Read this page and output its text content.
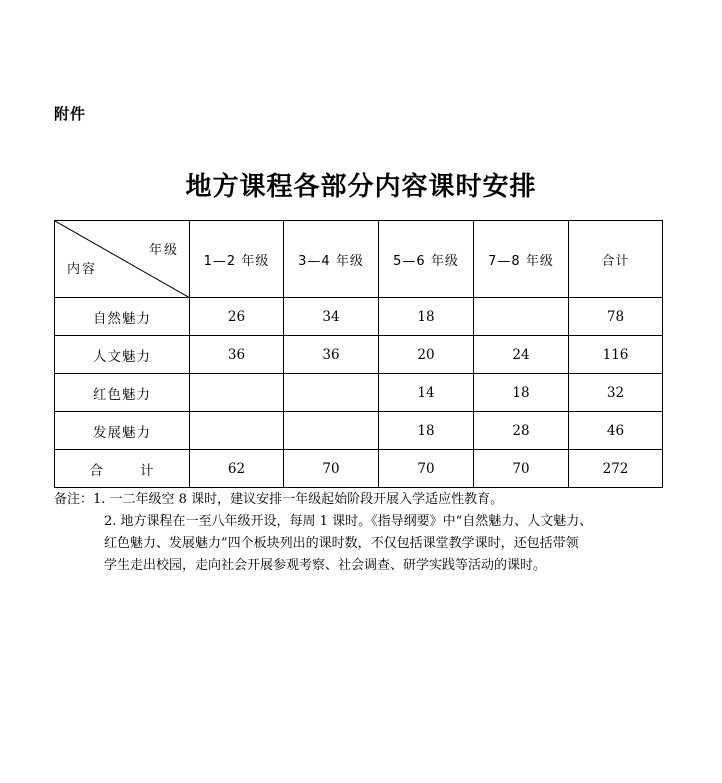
附件
地方课程各部分内容课时安排
年级
内容	1—2 年级	3—4 年级	5—6 年级	7—8 年级	合计
自然魅力	26	34	18		78
人文魅力	36	36	20	24	116
红色魅力			14	18	32
发展魅力			18	28	46
合 计	62	70	70	70	272
备注：1. 一二年级空 8 课时，建议安排一年级起始阶段开展入学适应性教育。
2. 地方课程在一至八年级开设，每周 1 课时。《指导纲要》中“自然魅力、人文魅力、
红色魅力、发展魅力”四个板块列出的课时数，不仅包括课堂教学课时，还包括带领
学生走出校园，走向社会开展参观考察、社会调查、研学实践等活动的课时。
